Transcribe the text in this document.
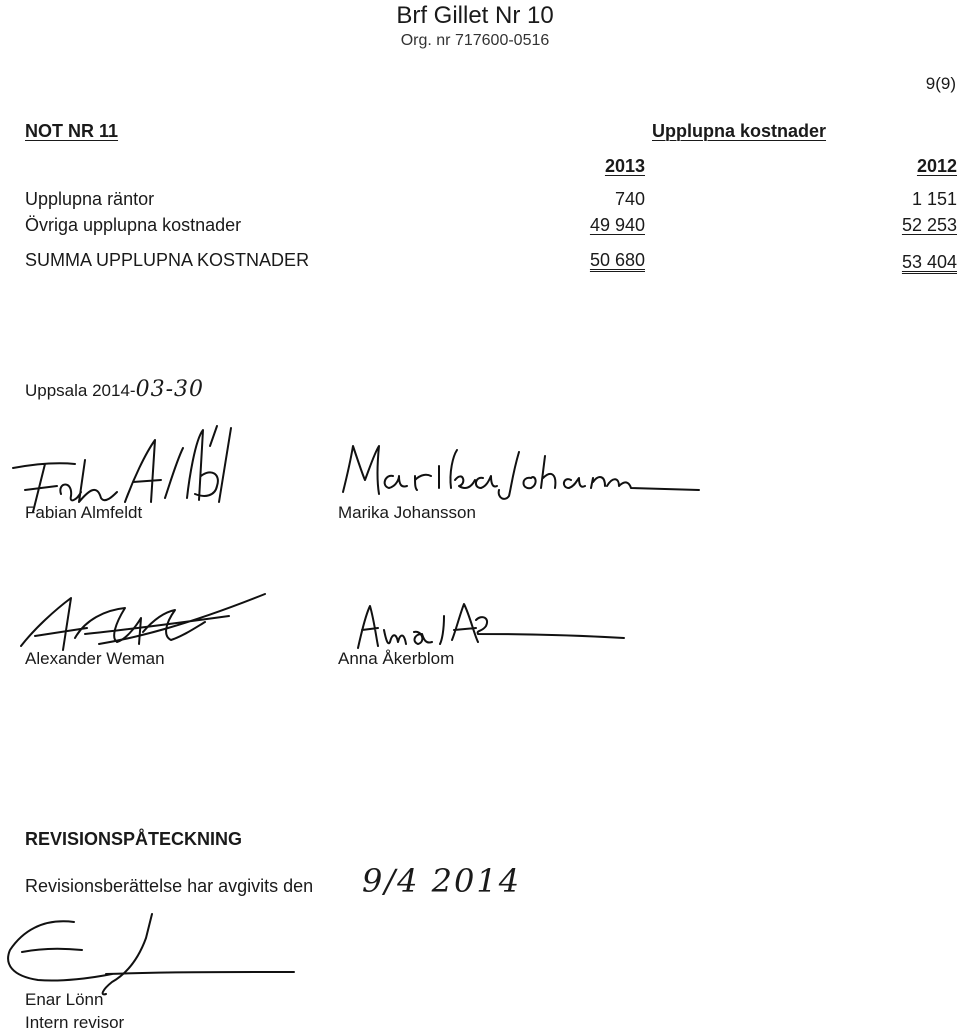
Brf Gillet Nr 10
Org. nr 717600-0516
9(9)
NOT NR 11	Upplupna kostnader
2013	2012
Upplupna räntor	740	1 151
Övriga upplupna kostnader	49 940	52 253
SUMMA UPPLUPNA KOSTNADER	50 680	53 404
Uppsala 2014-03-30
Fabian Almfeldt	Marika Johansson
Alexander Weman	Anna Åkerblom
REVISIONSPÅTECKNING
Revisionsberättelse har avgivits den 9/4 2014
Enar Lönn
Intern revisor
